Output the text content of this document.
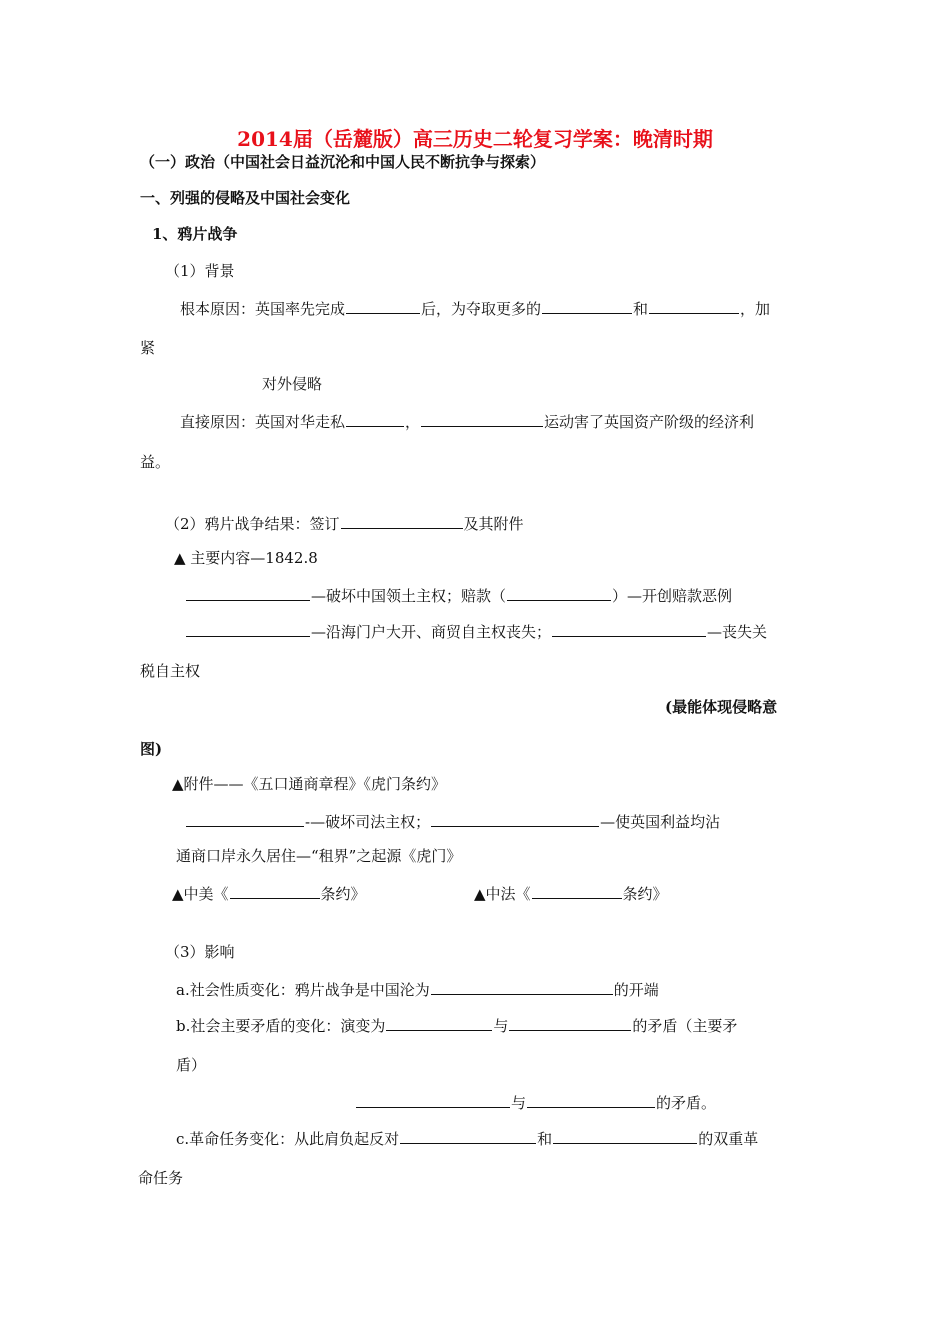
2014届（岳麓版）高三历史二轮复习学案：晚清时期
（一）政治（中国社会日益沉沦和中国人民不断抗争与探索）
一、列强的侵略及中国社会变化
1、鸦片战争
（1）背景
根本原因：英国率先完成	后，为夺取更多的	和	，加
紧
对外侵略
直接原因：英国对华走私	，	运动害了英国资产阶级的经济利
益。
（2）鸦片战争结果：签订	及其附件
▲ 主要内容—1842.8
—破坏中国领土主权；赔款（	）—开创赔款恶例
—沿海门户大开、商贸自主权丧失；	—丧失关
税自主权
(最能体现侵略意
图)
▲附件——《五口通商章程》《虎门条约》
-—破坏司法主权；	—使英国利益均沾
通商口岸永久居住—“租界”之起源《虎门》
▲中美《	条约》	▲中法《	条约》
（3）影响
a.社会性质变化：鸦片战争是中国沦为	的开端
b.社会主要矛盾的变化：演变为	与	的矛盾（主要矛
盾）
与	的矛盾。
c.革命任务变化：从此肩负起反对	和	的双重革
命任务
